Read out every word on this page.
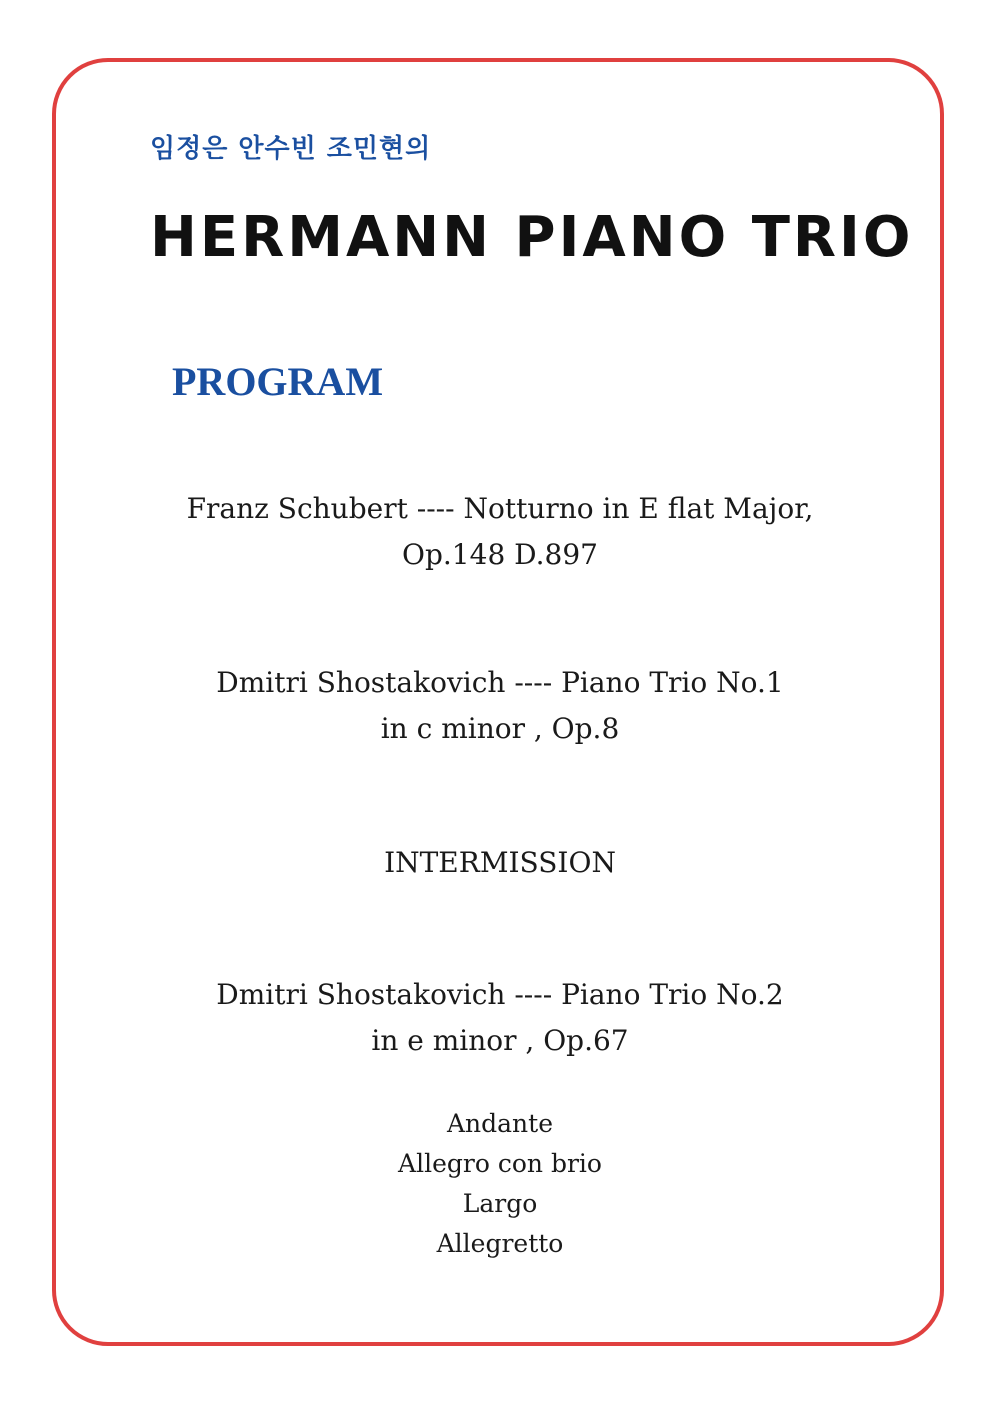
임정은 안수빈 조민현의
HERMANN PIANO TRIO
PROGRAM
Franz Schubert ---- Notturno in E flat Major,
Op.148 D.897
Dmitri Shostakovich ---- Piano Trio No.1
in c minor , Op.8
INTERMISSION
Dmitri Shostakovich ---- Piano Trio No.2
in e minor , Op.67
Andante
Allegro con brio
Largo
Allegretto
